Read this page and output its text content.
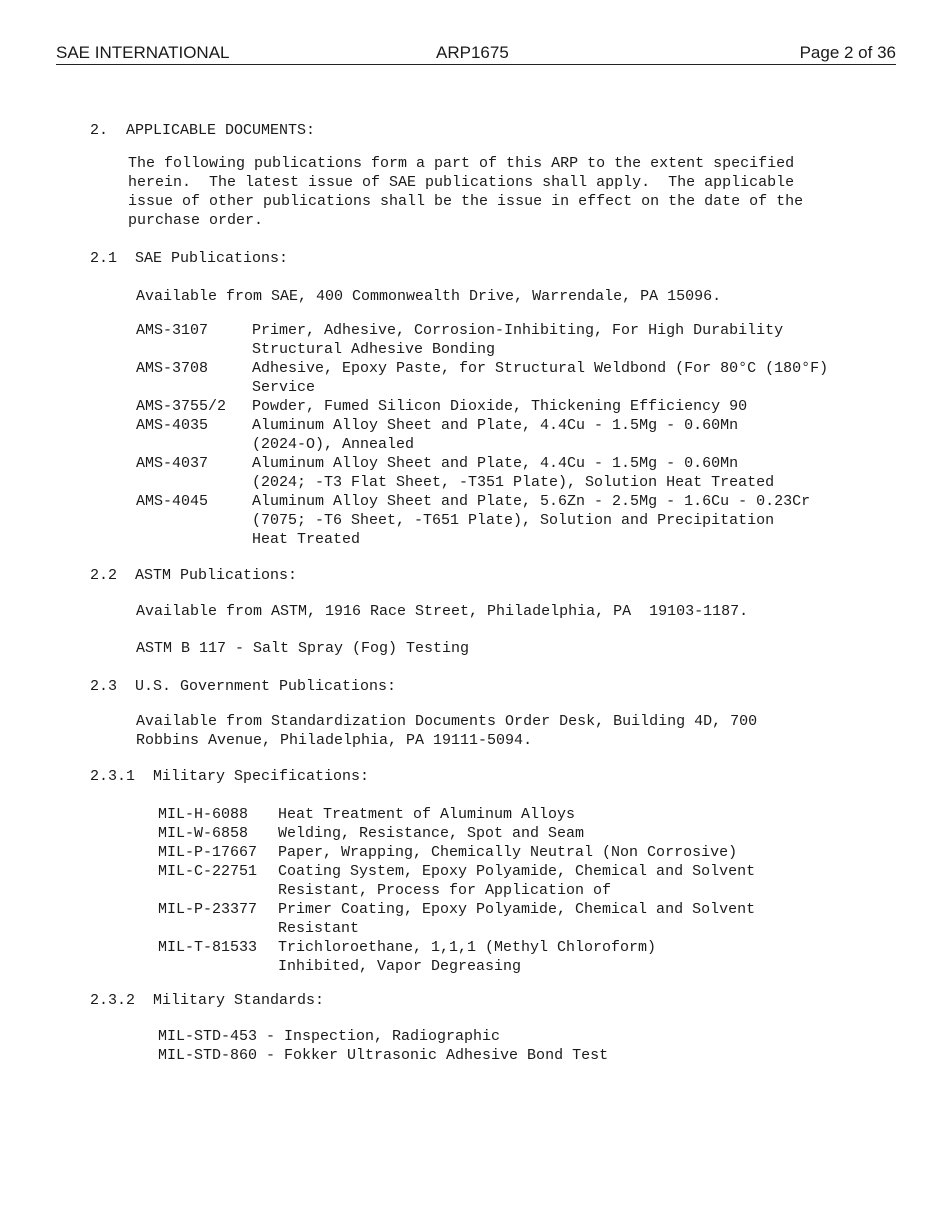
SAE INTERNATIONAL	ARP1675	Page 2 of 36
2.  APPLICABLE DOCUMENTS:
The following publications form a part of this ARP to the extent specified
herein.  The latest issue of SAE publications shall apply.  The applicable
issue of other publications shall be the issue in effect on the date of the
purchase order.
2.1  SAE Publications:
Available from SAE, 400 Commonwealth Drive, Warrendale, PA 15096.
AMS-3107	Primer, Adhesive, Corrosion-Inhibiting, For High Durability
Structural Adhesive Bonding
AMS-3708	Adhesive, Epoxy Paste, for Structural Weldbond (For 80°C (180°F)
Service
AMS-3755/2	Powder, Fumed Silicon Dioxide, Thickening Efficiency 90
AMS-4035	Aluminum Alloy Sheet and Plate, 4.4Cu - 1.5Mg - 0.60Mn
(2024-O), Annealed
AMS-4037	Aluminum Alloy Sheet and Plate, 4.4Cu - 1.5Mg - 0.60Mn
(2024; -T3 Flat Sheet, -T351 Plate), Solution Heat Treated
AMS-4045	Aluminum Alloy Sheet and Plate, 5.6Zn - 2.5Mg - 1.6Cu - 0.23Cr
(7075; -T6 Sheet, -T651 Plate), Solution and Precipitation
Heat Treated
2.2  ASTM Publications:
Available from ASTM, 1916 Race Street, Philadelphia, PA  19103-1187.
ASTM B 117 - Salt Spray (Fog) Testing
2.3  U.S. Government Publications:
Available from Standardization Documents Order Desk, Building 4D, 700
Robbins Avenue, Philadelphia, PA 19111-5094.
2.3.1  Military Specifications:
MIL-H-6088	Heat Treatment of Aluminum Alloys
MIL-W-6858	Welding, Resistance, Spot and Seam
MIL-P-17667	Paper, Wrapping, Chemically Neutral (Non Corrosive)
MIL-C-22751	Coating System, Epoxy Polyamide, Chemical and Solvent
Resistant, Process for Application of
MIL-P-23377	Primer Coating, Epoxy Polyamide, Chemical and Solvent
Resistant
MIL-T-81533	Trichloroethane, 1,1,1 (Methyl Chloroform)
Inhibited, Vapor Degreasing
2.3.2  Military Standards:
MIL-STD-453 - Inspection, Radiographic
MIL-STD-860 - Fokker Ultrasonic Adhesive Bond Test
